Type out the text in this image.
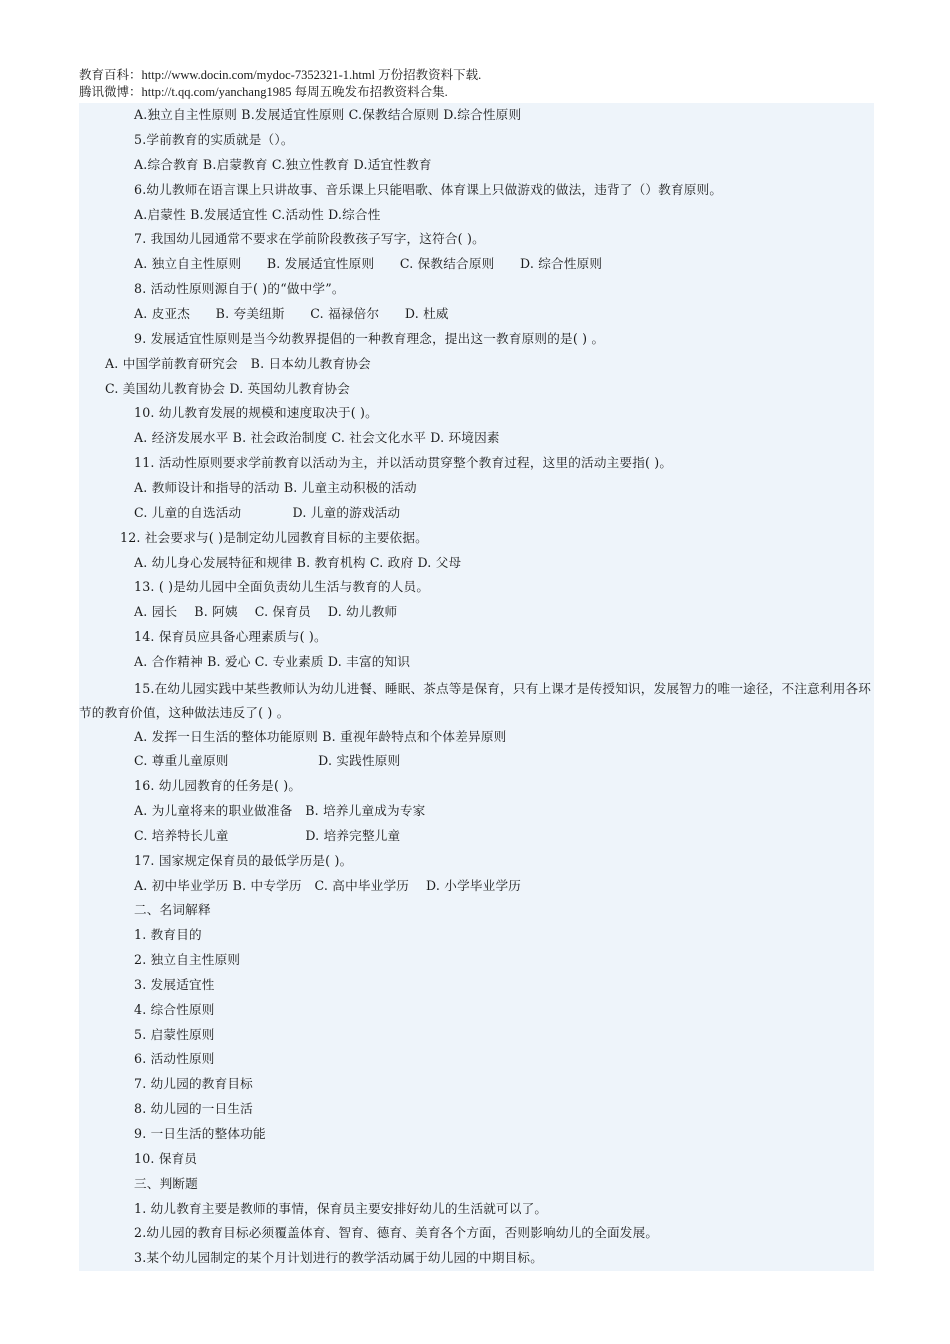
教育百科：http://www.docin.com/mydoc-7352321-1.html 万份招教资料下载.
腾讯微博：http://t.qq.com/yanchang1985 每周五晚发布招教资料合集.
A.独立自主性原则 B.发展适宜性原则 C.保教结合原则 D.综合性原则
5.学前教育的实质就是（）。
A.综合教育 B.启蒙教育 C.独立性教育 D.适宜性教育
6.幼儿教师在语言课上只讲故事、音乐课上只能唱歌、体育课上只做游戏的做法，违背了（）教育原则。
A.启蒙性 B.发展适宜性 C.活动性 D.综合性
7. 我国幼儿园通常不要求在学前阶段教孩子写字，这符合( )。
A. 独立自主性原则　　B. 发展适宜性原则　　C. 保教结合原则　　D. 综合性原则
8. 活动性原则源自于( )的“做中学”。
A. 皮亚杰　　B. 夸美纽斯　　C. 福禄倍尔　　D. 杜威
9. 发展适宜性原则是当今幼教界提倡的一种教育理念，提出这一教育原则的是( ) 。
A. 中国学前教育研究会　B. 日本幼儿教育协会
C. 美国幼儿教育协会 D. 英国幼儿教育协会
10. 幼儿教育发展的规模和速度取决于( )。
A. 经济发展水平 B. 社会政治制度 C. 社会文化水平 D. 环境因素
11. 活动性原则要求学前教育以活动为主，并以活动贯穿整个教育过程，这里的活动主要指( )。
A. 教师设计和指导的活动 B. 儿童主动积极的活动
C. 儿童的自选活动　　　　D. 儿童的游戏活动
12. 社会要求与( )是制定幼儿园教育目标的主要依据。
A. 幼儿身心发展特征和规律 B. 教育机构 C. 政府 D. 父母
13. ( )是幼儿园中全面负责幼儿生活与教育的人员。
A. 园长　 B. 阿姨　 C. 保育员　 D. 幼儿教师
14. 保育员应具备心理素质与( )。
A. 合作精神 B. 爱心 C. 专业素质 D. 丰富的知识
15.在幼儿园实践中某些教师认为幼儿进餐、睡眠、茶点等是保育，只有上课才是传授知识，发展智力的唯一途径，不注意利用各环节的教育价值，这种做法违反了( ) 。
A. 发挥一日生活的整体功能原则 B. 重视年龄特点和个体差异原则
C. 尊重儿童原则　　　　　　　D. 实践性原则
16. 幼儿园教育的任务是( )。
A. 为儿童将来的职业做准备　B. 培养儿童成为专家
C. 培养特长儿童　　　　　　D. 培养完整儿童
17. 国家规定保育员的最低学历是( )。
A. 初中毕业学历 B. 中专学历　C. 高中毕业学历　 D. 小学毕业学历
二、名词解释
1. 教育目的
2. 独立自主性原则
3. 发展适宜性
4. 综合性原则
5. 启蒙性原则
6. 活动性原则
7. 幼儿园的教育目标
8. 幼儿园的一日生活
9. 一日生活的整体功能
10. 保育员
三、判断题
1. 幼儿教育主要是教师的事情，保育员主要安排好幼儿的生活就可以了。
2.幼儿园的教育目标必须覆盖体育、智育、德育、美育各个方面，否则影响幼儿的全面发展。
3.某个幼儿园制定的某个月计划进行的教学活动属于幼儿园的中期目标。
